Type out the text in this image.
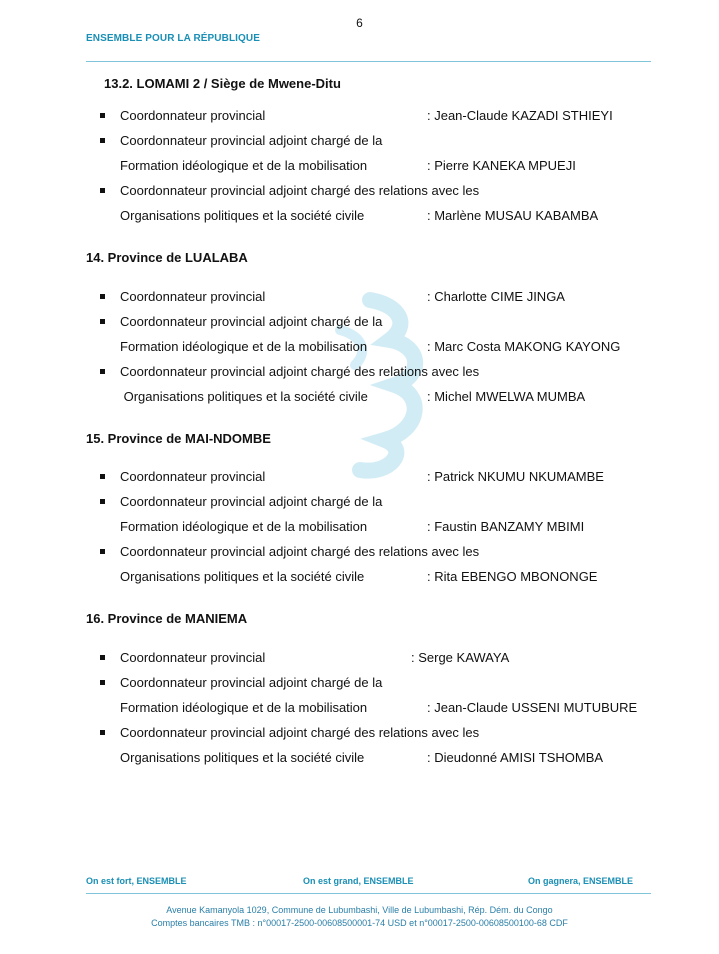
6
ENSEMBLE POUR LA RÉPUBLIQUE
13.2. LOMAMI 2 / Siège de Mwene-Ditu
Coordonnateur provincial	: Jean-Claude KAZADI STHIEYI
Coordonnateur provincial adjoint chargé de la
Formation idéologique et de la mobilisation	: Pierre KANEKA MPUEJI
Coordonnateur provincial adjoint chargé des relations avec les
Organisations politiques et la société civile	: Marlène MUSAU KABAMBA
14. Province de LUALABA
Coordonnateur provincial	: Charlotte CIME JINGA
Coordonnateur provincial adjoint chargé de la
Formation idéologique et de la mobilisation	: Marc Costa MAKONG KAYONG
Coordonnateur provincial adjoint chargé des relations avec les
Organisations politiques et la société civile	: Michel MWELWA MUMBA
15. Province de MAI-NDOMBE
Coordonnateur provincial	: Patrick NKUMU NKUMAMBE
Coordonnateur provincial adjoint chargé de la
Formation idéologique et de la mobilisation	: Faustin BANZAMY MBIMI
Coordonnateur provincial adjoint chargé des relations avec les
Organisations politiques et la société civile	: Rita EBENGO MBONONGE
16. Province de MANIEMA
Coordonnateur provincial	: Serge KAWAYA
Coordonnateur provincial adjoint chargé de la
Formation idéologique et de la mobilisation	: Jean-Claude USSENI MUTUBURE
Coordonnateur provincial adjoint chargé des relations avec les
Organisations politiques et la société civile	: Dieudonné AMISI TSHOMBA
On est fort, ENSEMBLE	On est grand, ENSEMBLE	On gagnera, ENSEMBLE
Avenue Kamanyola 1029, Commune de Lubumbashi, Ville de Lubumbashi, Rép. Dém. du Congo
Comptes bancaires TMB : n°00017-2500-00608500001-74 USD et n°00017-2500-00608500100-68 CDF
